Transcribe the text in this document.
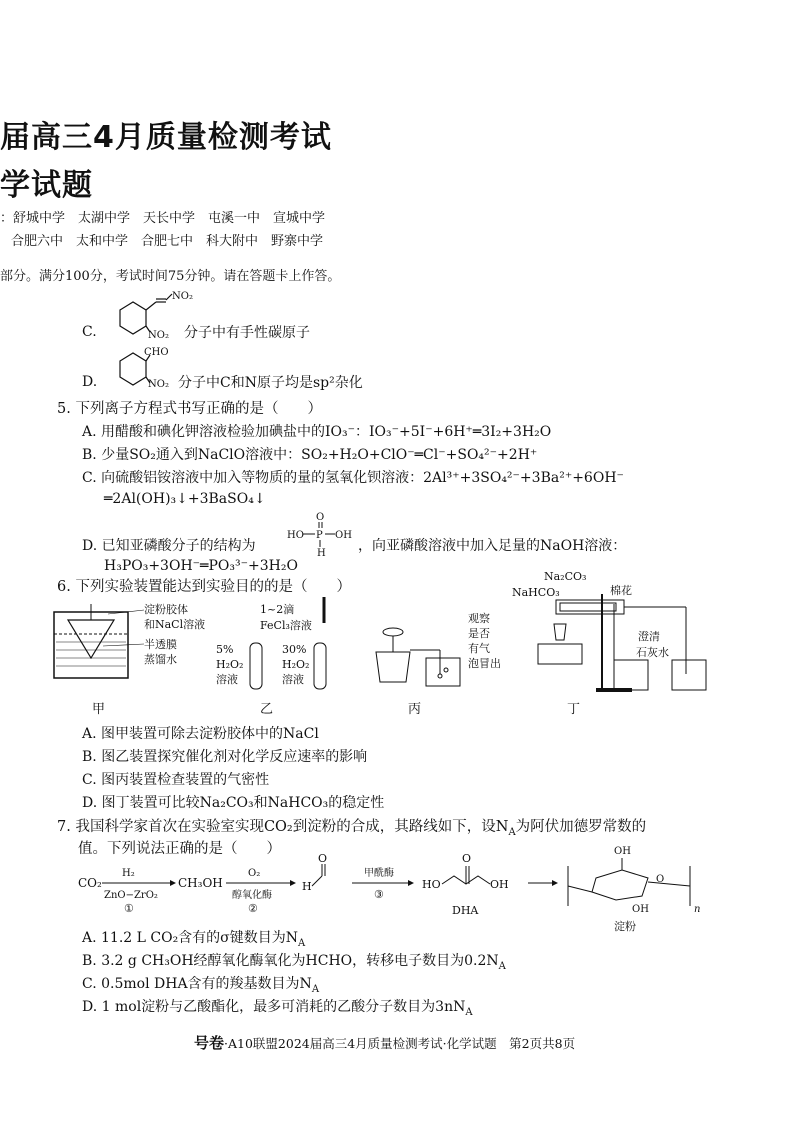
届高三4月质量检测考试
学试题
：舒城中学　太湖中学　天长中学　屯溪一中　宣城中学
合肥六中　太和中学　合肥七中　科大附中　野寨中学
部分。满分100分，考试时间75分钟。请在答题卡上作答。
C.
NO₂
NO₂ 分子中有手性碳原子
D.
CHO
NO₂ 分子中C和N原子均是sp²杂化
5. 下列离子方程式书写正确的是（　　）
A. 用醋酸和碘化钾溶液检验加碘盐中的IO₃⁻：IO₃⁻+5I⁻+6H⁺═3I₂+3H₂O
B. 少量SO₂通入到NaClO溶液中：SO₂+H₂O+ClO⁻═Cl⁻+SO₄²⁻+2H⁺
C. 向硫酸铝铵溶液中加入等物质的量的氢氧化钡溶液：2Al³⁺+3SO₄²⁻+3Ba²⁺+6OH⁻
═2Al(OH)₃↓+3BaSO₄↓
D. 已知亚磷酸分子的结构为
HO P OH
O
H ，向亚磷酸溶液中加入足量的NaOH溶液：
H₃PO₃+3OH⁻═PO₃³⁻+3H₂O
6. 下列实验装置能达到实验目的的是（　　）
淀粉胶体
和NaCl溶液
半透膜
蒸馏水
1~2滴
FeCl₃溶液
5%
H₂O₂
溶液
30%
H₂O₂
溶液
观察
是否
有气
泡冒出
Na₂CO₃
NaHCO₃	棉花
澄清
石灰水
甲	乙	丙	丁
A. 图甲装置可除去淀粉胶体中的NaCl
B. 图乙装置探究催化剂对化学反应速率的影响
C. 图丙装置检查装置的气密性
D. 图丁装置可比较Na₂CO₃和NaHCO₃的稳定性
7. 我国科学家首次在实验室实现CO₂到淀粉的合成，其路线如下，设$N_A$为阿伏加德罗常数的
值。下列说法正确的是（　　）
CO₂
H₂
ZnO−ZrO₂
①
CH₃OH
O₂
醇氧化酶
②
H
O
甲酰酶
③
HO
O
OH
DHA
OH
OH
O
n
淀粉
A. 11.2 L CO₂含有的σ键数目为$N_A$
B. 3.2 g CH₃OH经醇氧化酶氧化为HCHO，转移电子数目为$0.2N_A$
C. 0.5mol DHA含有的羧基数目为$N_A$
D. 1 mol淀粉与乙酸酯化，最多可消耗的乙酸分子数目为$3nN_A$
号卷·A10联盟2024届高三4月质量检测考试·化学试题　第2页共8页
